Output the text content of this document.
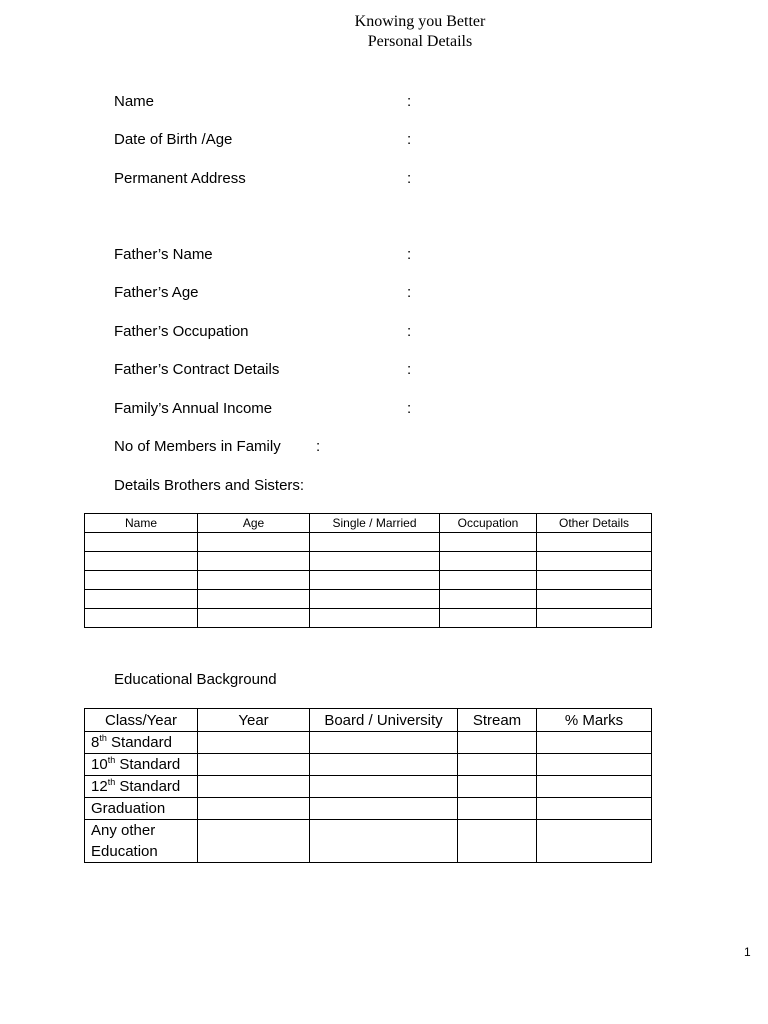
Knowing you Better
Personal Details
Name	:
Date of Birth /Age	:
Permanent Address	:
Father’s Name	:
Father’s Age	:
Father’s Occupation	:
Father’s Contract Details	:
Family’s Annual Income	:
No of Members in Family :
Details Brothers and Sisters:
Name	Age	Single / Married	Occupation	Other Details

Educational Background
Class/Year	Year	Board / University	Stream	% Marks
8th Standard				
10th Standard				
12th Standard				
Graduation				
Any other Education				
1
